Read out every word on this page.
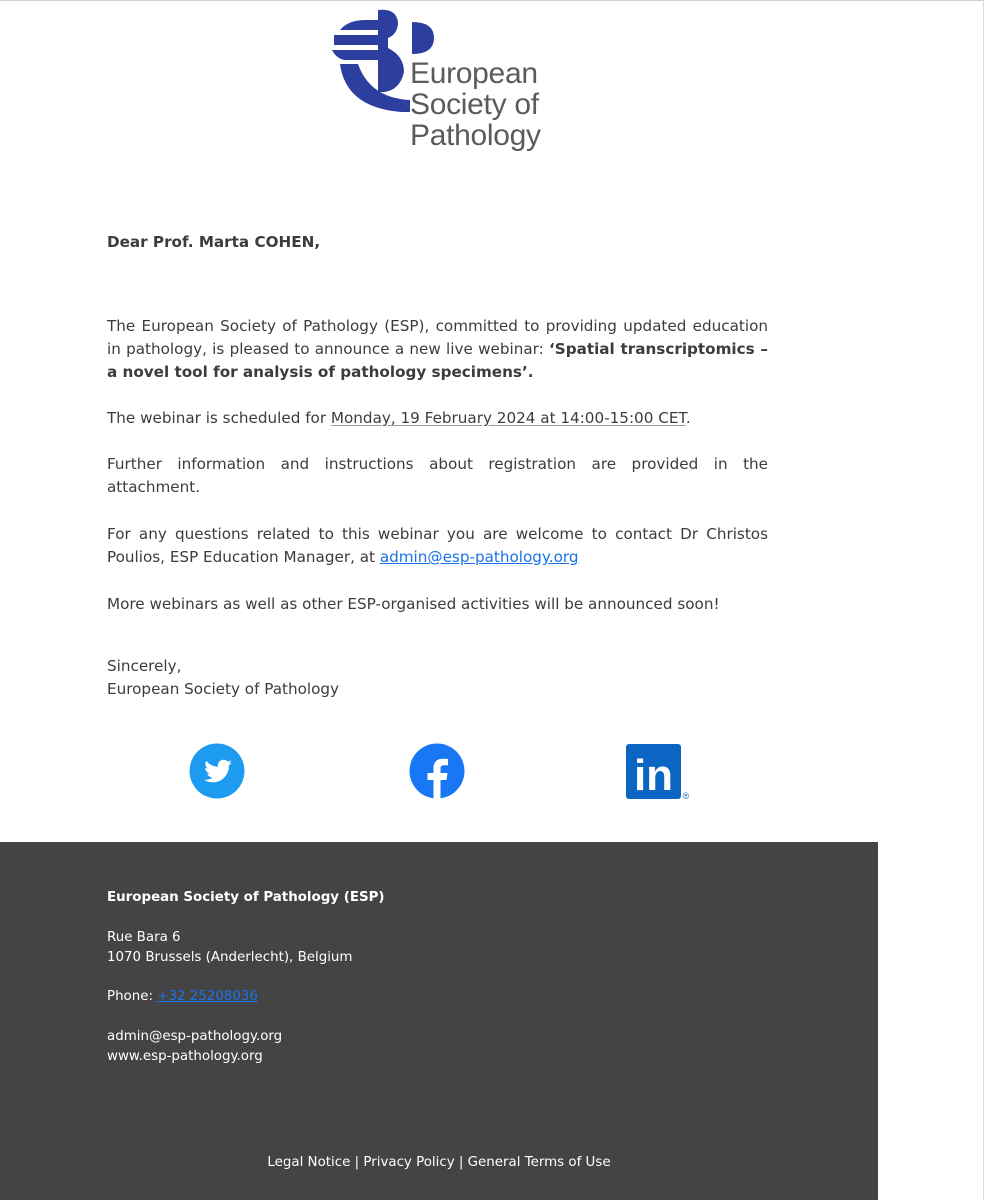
European
Society of
Pathology
Dear Prof. Marta COHEN,

The European Society of Pathology (ESP), committed to providing updated education in pathology, is pleased to announce a new live webinar: ‘Spatial transcriptomics – a novel tool for analysis of pathology specimens’.

The webinar is scheduled for Monday, 19 February 2024 at 14:00-15:00 CET.

Further information and instructions about registration are provided in the attachment.

For any questions related to this webinar you are welcome to contact Dr Christos Poulios, ESP Education Manager, at admin@esp-pathology.org

More webinars as well as other ESP-organised activities will be announced soon!

Sincerely,

European Society of Pathology

in ®
European Society of Pathology (ESP)
Rue Bara 6
1070 Brussels (Anderlecht), Belgium
Phone: +32 25208036
admin@esp-pathology.org
www.esp-pathology.org
Legal Notice | Privacy Policy | General Terms of Use
